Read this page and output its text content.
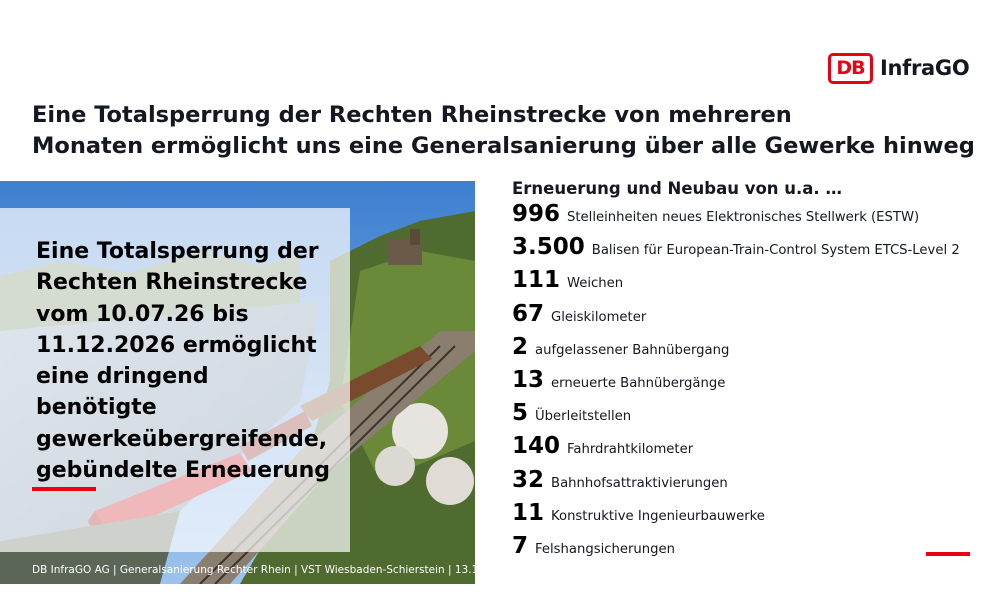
DB InfraGO
Eine Totalsperrung der Rechten Rheinstrecke von mehreren
Monaten ermöglicht uns eine Generalsanierung über alle Gewerke hinweg
Eine Totalsperrung der
Rechten Rheinstrecke
vom 10.07.26 bis
11.12.2026 ermöglicht
eine dringend
benötigte
gewerkeübergreifende,
gebündelte Erneuerung
DB InfraGO AG | Generalsanierung Rechter Rhein | VST Wiesbaden-Schierstein | 13.11.2024
Erneuerung und Neubau von u.a. …
996 Stelleinheiten neues Elektronisches Stellwerk (ESTW)
3.500 Balisen für European-Train-Control System ETCS-Level 2
111 Weichen
67 Gleiskilometer
2 aufgelassener Bahnübergang
13 erneuerte Bahnübergänge
5 Überleitstellen
140 Fahrdrahtkilometer
32 Bahnhofsattraktivierungen
11 Konstruktive Ingenieurbauwerke
7 Felshangsicherungen
